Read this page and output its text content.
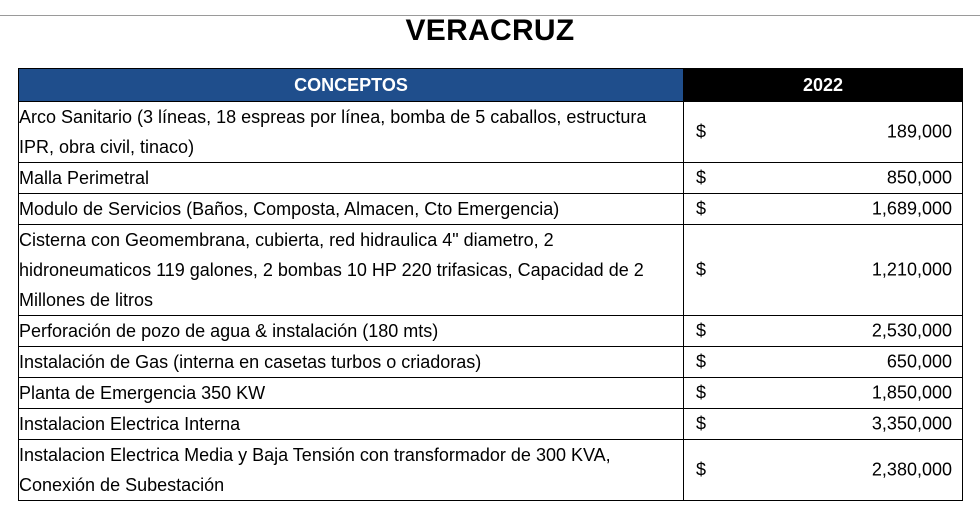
VERACRUZ
CONCEPTOS	2022
Arco Sanitario (3 líneas, 18 espreas por línea, bomba de 5 caballos, estructura IPR, obra civil, tinaco)	$ 189,000

Malla Perimetral	$ 850,000

Modulo de Servicios (Baños, Composta, Almacen, Cto Emergencia)	$ 1,689,000

Cisterna con Geomembrana, cubierta, red hidraulica 4" diametro, 2 hidroneumaticos 119 galones, 2 bombas 10 HP 220 trifasicas, Capacidad de 2 Millones de litros	$ 1,210,000

Perforación de pozo de agua & instalación (180 mts)	$ 2,530,000

Instalación de Gas (interna en casetas turbos o criadoras)	$ 650,000

Planta de Emergencia 350 KW	$ 1,850,000

Instalacion Electrica Interna	$ 3,350,000

Instalacion Electrica Media y Baja Tensión con transformador de 300 KVA, Conexión de Subestación	$ 2,380,000
